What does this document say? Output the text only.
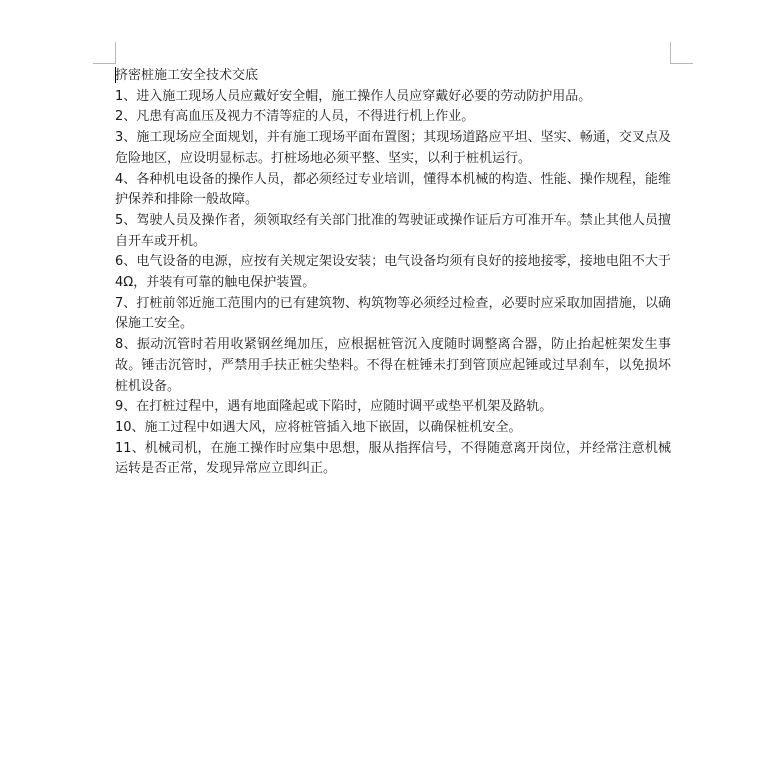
挤密桩施工安全技术交底

1、进入施工现场人员应戴好安全帽，施工操作人员应穿戴好必要的劳动防护用品。

2、凡患有高血压及视力不清等症的人员，不得进行机上作业。

3、施工现场应全面规划，并有施工现场平面布置图；其现场道路应平坦、坚实、畅通，交叉点及危险地区，应设明显标志。打桩场地必须平整、坚实，以利于桩机运行。

4、各种机电设备的操作人员，都必须经过专业培训，懂得本机械的构造、性能、操作规程，能维护保养和排除一般故障。

5、驾驶人员及操作者，须领取经有关部门批准的驾驶证或操作证后方可准开车。禁止其他人员擅自开车或开机。

6、电气设备的电源，应按有关规定架设安装；电气设备均须有良好的接地接零，接地电阻不大于 4Ω，并装有可靠的触电保护装置。

7、打桩前邻近施工范围内的已有建筑物、构筑物等必须经过检查，必要时应采取加固措施，以确保施工安全。

8、振动沉管时若用收紧钢丝绳加压，应根据桩管沉入度随时调整离合器，防止抬起桩架发生事故。锤击沉管时，严禁用手扶正桩尖垫料。不得在桩锤未打到管顶应起锤或过早刹车，以免损坏桩机设备。

9、在打桩过程中，遇有地面隆起或下陷时，应随时调平或垫平机架及路轨。

10、施工过程中如遇大风，应将桩管插入地下嵌固，以确保桩机安全。

11、机械司机，在施工操作时应集中思想，服从指挥信号，不得随意离开岗位，并经常注意机械运转是否正常，发现异常应立即纠正。
